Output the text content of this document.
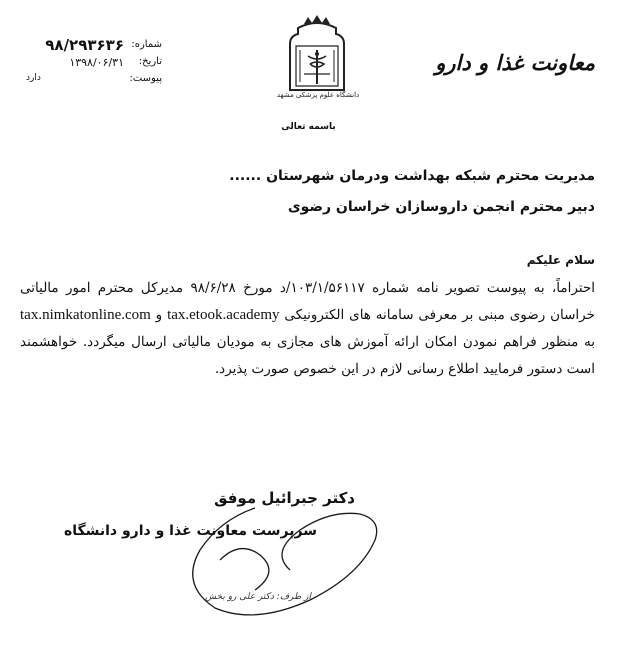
معاونت غذا و دارو
دانشگاه علوم پزشکی مشهد
شماره:
تاریخ:
پیوست:
۹۸/۲۹۳۶۳۶
۱۳۹۸/۰۶/۳۱
دارد
باسمه تعالی
مدیریت محترم شبکه بهداشت ودرمان شهرستان ......
دبیر محترم انجمن داروسازان خراسان رضوی
سلام علیکم
احتراماً، به پیوست تصویر نامه شماره ۱۰۳/۱/۵۶۱۱۷/د مورخ ۹۸/۶/۲۸ مدیرکل محترم امور مالیاتی خراسان رضوی مبنی بر معرفی سامانه های الکترونیکی tax.etook.academy و tax.nimkatonline.com به منظور فراهم نمودن امکان ارائه آموزش های مجازی به مودیان مالیاتی ارسال میگردد. خواهشمند است دستور فرمایید اطلاع رسانی لازم در این خصوص صورت پذیرد.
دکتر جبرائیل موفق
سرپرست معاونت غذا و دارو دانشگاه
از طرف: دکتر علی رو بخش
